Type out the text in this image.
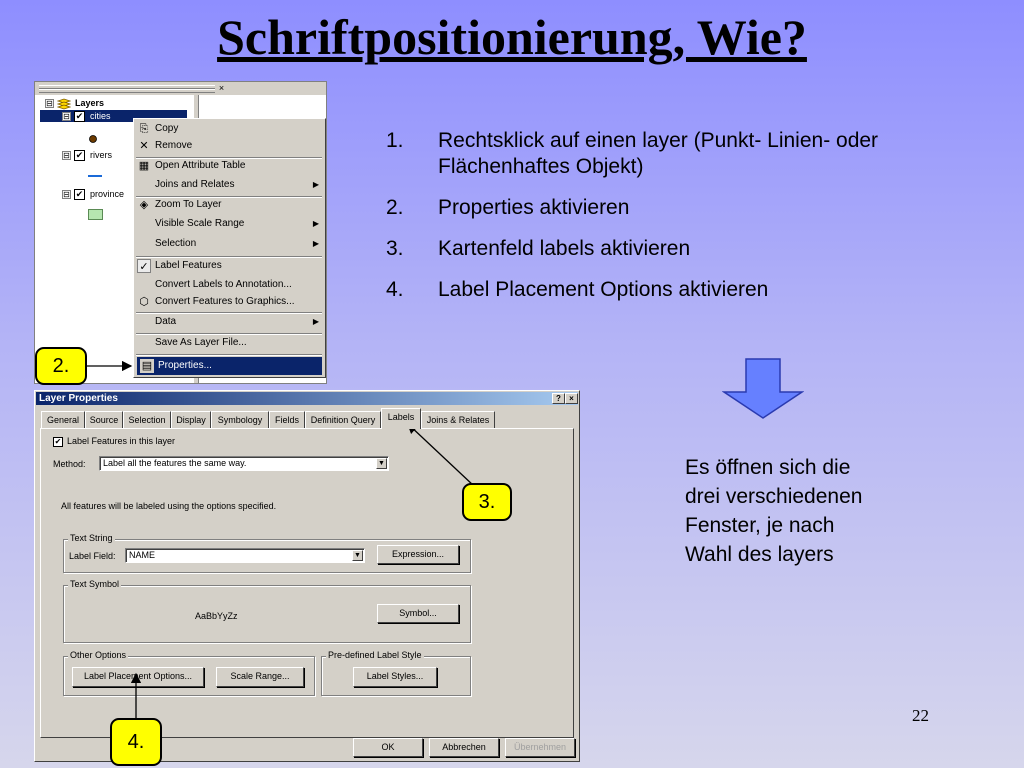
Schriftpositionierung, Wie?
×
⊟ Layers
⊟ ✔ cities
⊟ ✔ rivers
⊟ ✔ province
⎘ Copy
✕ Remove
▦ Open Attribute Table
Joins and Relates	▶
◈ Zoom To Layer
Visible Scale Range	▶
Selection	▶
✓ Label Features
Convert Labels to Annotation...
⬡ Convert Features to Graphics...
Data	▶
Save As Layer File...
▤ Properties...
Layer Properties	?	×
General	Source	Selection	Display	Symbology	Fields	Definition Query	Labels	Joins & Relates
✔ Label Features in this layer
Method:	Label all the features the same way.	▼
All features will be labeled using the options specified.
Text String
Label Field:	NAME	▼	Expression...
Text Symbol
AaBbYyZz	Symbol...
Other Options
Label Placement Options...	Scale Range...
Pre-defined Label Style
Label Styles...
OK	Abbrechen	Übernehmen
2.
3.
4.
1. Rechtsklick auf einen layer (Punkt- Linien- oder Flächenhaftes Objekt)
2. Properties aktivieren
3. Kartenfeld labels aktivieren
4. Label Placement Options aktivieren
Es öffnen sich die drei verschiedenen Fenster, je nach Wahl des layers
22
